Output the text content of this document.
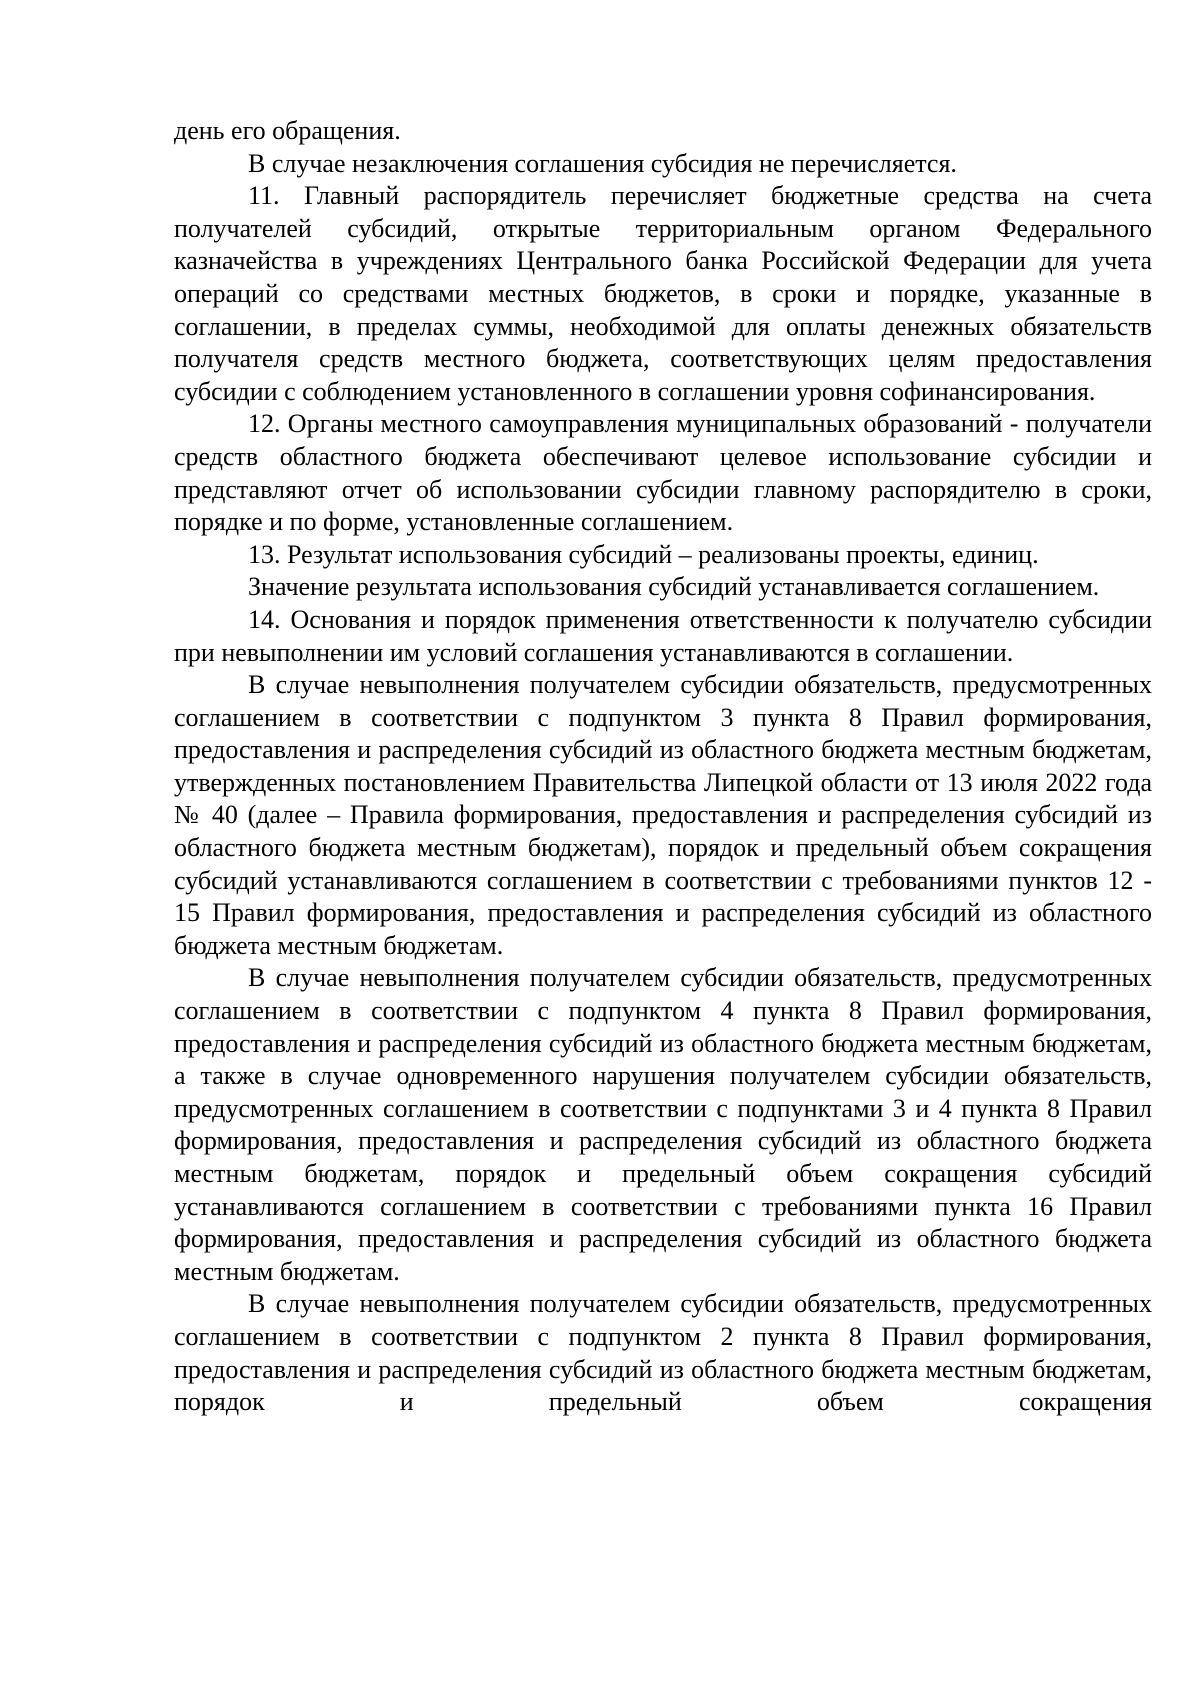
день его обращения.

В случае незаключения соглашения субсидия не перечисляется.

11. Главный распорядитель перечисляет бюджетные средства на счета получателей субсидий, открытые территориальным органом Федерального казначейства в учреждениях Центрального банка Российской Федерации для учета операций со средствами местных бюджетов, в сроки и порядке, указанные в соглашении, в пределах суммы, необходимой для оплаты денежных обязательств получателя средств местного бюджета, соответствующих целям предоставления субсидии с соблюдением установленного в соглашении уровня софинансирования.

12. Органы местного самоуправления муниципальных образований - получатели средств областного бюджета обеспечивают целевое использование субсидии и представляют отчет об использовании субсидии главному распорядителю в сроки, порядке и по форме, установленные соглашением.

13. Результат использования субсидий – реализованы проекты, единиц.

Значение результата использования субсидий устанавливается соглашением.

14. Основания и порядок применения ответственности к получателю субсидии при невыполнении им условий соглашения устанавливаются в соглашении.

В случае невыполнения получателем субсидии обязательств, предусмотренных соглашением в соответствии с подпунктом 3 пункта 8 Правил формирования, предоставления и распределения субсидий из областного бюджета местным бюджетам, утвержденных постановлением Правительства Липецкой области от 13 июля 2022 года № 40 (далее – Правила формирования, предоставления и распределения субсидий из областного бюджета местным бюджетам), порядок и предельный объем сокращения субсидий устанавливаются соглашением в соответствии с требованиями пунктов 12 - 15 Правил формирования, предоставления и распределения субсидий из областного бюджета местным бюджетам.

В случае невыполнения получателем субсидии обязательств, предусмотренных соглашением в соответствии с подпунктом 4 пункта 8 Правил формирования, предоставления и распределения субсидий из областного бюджета местным бюджетам, а также в случае одновременного нарушения получателем субсидии обязательств, предусмотренных соглашением в соответствии с подпунктами 3 и 4 пункта 8 Правил формирования, предоставления и распределения субсидий из областного бюджета местным бюджетам, порядок и предельный объем сокращения субсидий устанавливаются соглашением в соответствии с требованиями пункта 16 Правил формирования, предоставления и распределения субсидий из областного бюджета местным бюджетам.

В случае невыполнения получателем субсидии обязательств, предусмотренных соглашением в соответствии с подпунктом 2 пункта 8 Правил формирования, предоставления и распределения субсидий из областного бюджета местным бюджетам, порядок и предельный объем сокращения
